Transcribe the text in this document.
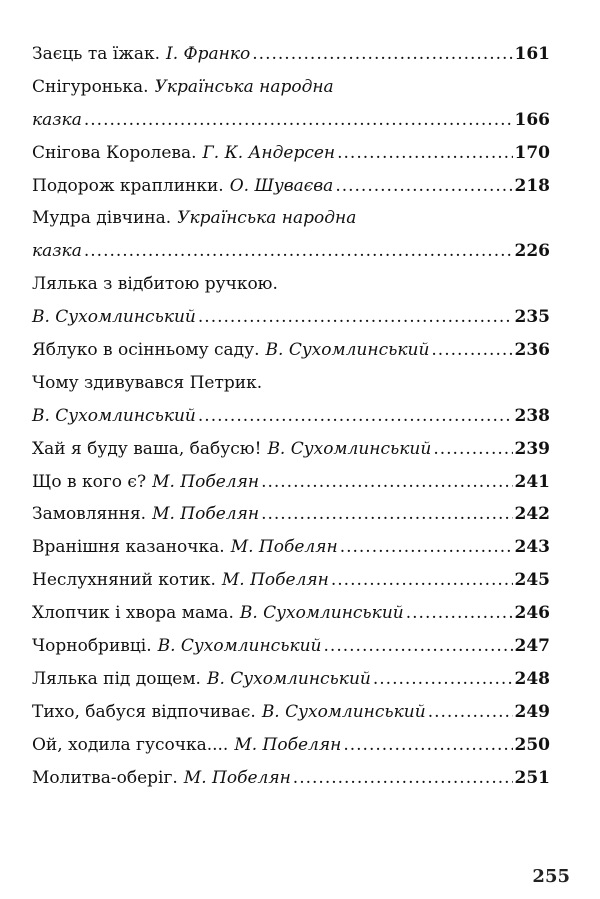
Заєць та їжак. І. Франко .....	161
Снігуронька. Українська народна
казка .....	166
Снігова Королева. Г. К. Андерсен .....	170
Подорож краплинки. О. Шуваєва .....	218
Мудра дівчина. Українська народна
казка .....	226
Лялька з відбитою ручкою.
В. Сухомлинський .....	235
Яблуко в осінньому саду. В. Сухомлинський .....	236
Чому здивувався Петрик.
В. Сухомлинський .....	238
Хай я буду ваша, бабусю! В. Сухомлинський .....	239
Що в кого є? М. Побелян .....	241
Замовляння. М. Побелян .....	242
Вранішня казаночка. М. Побелян .....	243
Неслухняний котик. М. Побелян .....	245
Хлопчик і хвора мама. В. Сухомлинський .....	246
Чорнобривці. В. Сухомлинський .....	247
Лялька під дощем. В. Сухомлинський .....	248
Тихо, бабуся відпочиває. В. Сухомлинський .....	249
Ой, ходила гусочка.... М. Побелян .....	250
Молитва-оберіг. М. Побелян .....	251
255
